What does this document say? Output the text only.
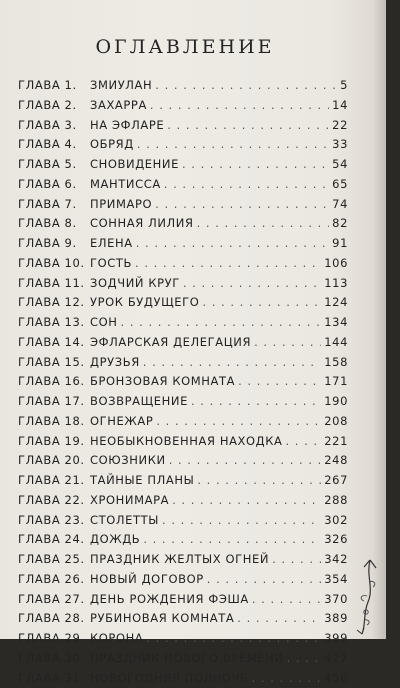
ОГЛАВЛЕНИЕ
ГЛАВА 1. ЗМИУЛАН . . .	5
ГЛАВА 2. ЗАХАРРА . . .	14
ГЛАВА 3. НА ЭФЛАРЕ . . .	22
ГЛАВА 4. ОБРЯД . . .	33
ГЛАВА 5. СНОВИДЕНИЕ . . .	54
ГЛАВА 6. МАНТИССА . . .	65
ГЛАВА 7. ПРИМАРО . . .	74
ГЛАВА 8. СОННАЯ ЛИЛИЯ . . .	82
ГЛАВА 9. ЕЛЕНА . . .	91
ГЛАВА 10. ГОСТЬ . . .	106
ГЛАВА 11. ЗОДЧИЙ КРУГ . . .	113
ГЛАВА 12. УРОК БУДУЩЕГО . . .	124
ГЛАВА 13. СОН . . .	134
ГЛАВА 14. ЭФЛАРСКАЯ ДЕЛЕГАЦИЯ . . .	144
ГЛАВА 15. ДРУЗЬЯ . . .	158
ГЛАВА 16. БРОНЗОВАЯ КОМНАТА . . .	171
ГЛАВА 17. ВОЗВРАЩЕНИЕ . . .	190
ГЛАВА 18. ОГНЕЖАР . . .	208
ГЛАВА 19. НЕОБЫКНОВЕННАЯ НАХОДКА . . .	221
ГЛАВА 20. СОЮЗНИКИ . . .	248
ГЛАВА 21. ТАЙНЫЕ ПЛАНЫ . . .	267
ГЛАВА 22. ХРОНИМАРА . . .	288
ГЛАВА 23. СТОЛЕТТЫ . . .	302
ГЛАВА 24. ДОЖДЬ . . .	326
ГЛАВА 25. ПРАЗДНИК ЖЕЛТЫХ ОГНЕЙ . . .	342
ГЛАВА 26. НОВЫЙ ДОГОВОР . . .	354
ГЛАВА 27. ДЕНЬ РОЖДЕНИЯ ФЭША . . .	370
ГЛАВА 28. РУБИНОВАЯ КОМНАТА . . .	389
ГЛАВА 29. КОРОНА . . .	399
ГЛАВА 30. ПРАЗДНИК НОВОГО ВРЕМЕНИ . . .	427
ГЛАВА 31. НОВОГОДНЯЯ ПОЛНОЧЬ . . .	450
